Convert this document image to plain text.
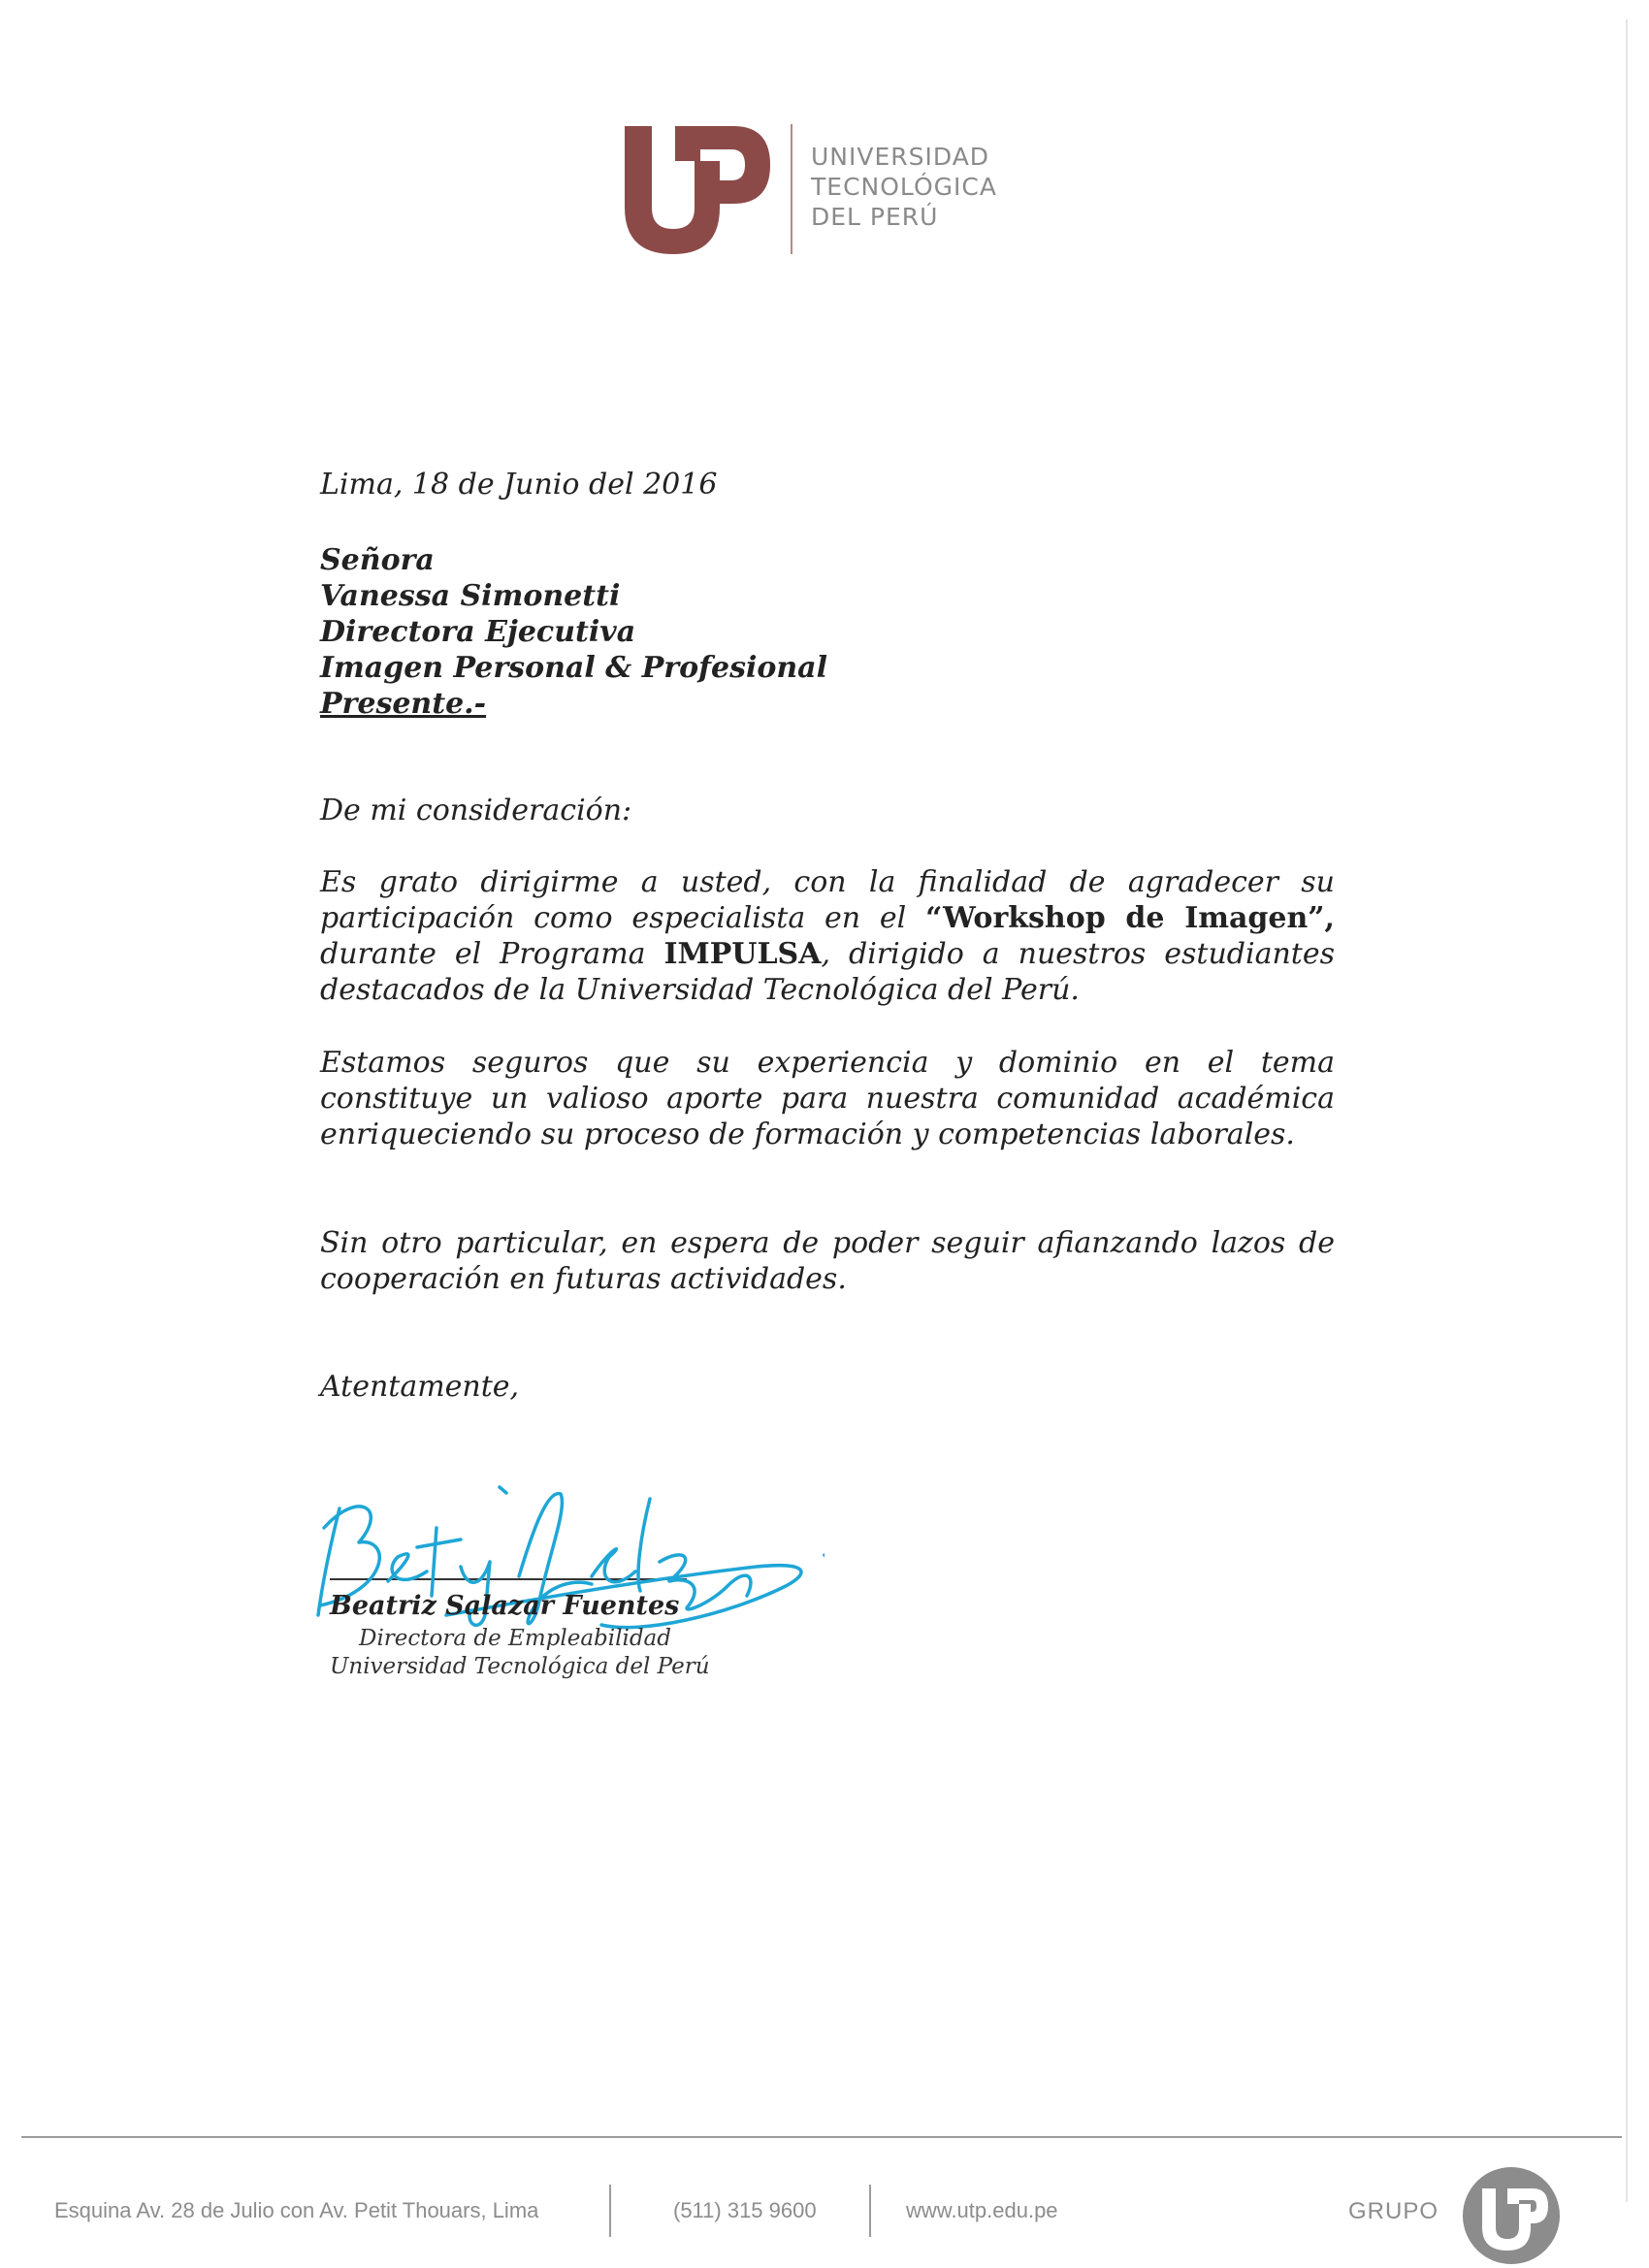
UNIVERSIDAD
TECNOLÓGICA
DEL PERÚ
Lima, 18 de Junio del 2016
Señora
Vanessa Simonetti
Directora Ejecutiva
Imagen Personal & Profesional
Presente.-
De mi consideración:
Es grato dirigirme a usted, con la finalidad de agradecer su participación como especialista en el “Workshop de Imagen”, durante el Programa IMPULSA, dirigido a nuestros estudiantes destacados de la Universidad Tecnológica del Perú.
Estamos seguros que su experiencia y dominio en el tema constituye un valioso aporte para nuestra comunidad académica enriqueciendo su proceso de formación y competencias laborales.
Sin otro particular, en espera de poder seguir afianzando lazos de cooperación en futuras actividades.
Atentamente,
Beatriz Salazar Fuentes
Directora de Empleabilidad
Universidad Tecnológica del Perú
Esquina Av. 28 de Julio con Av. Petit Thouars, Lima	(511) 315 9600	www.utp.edu.pe	GRUPO
